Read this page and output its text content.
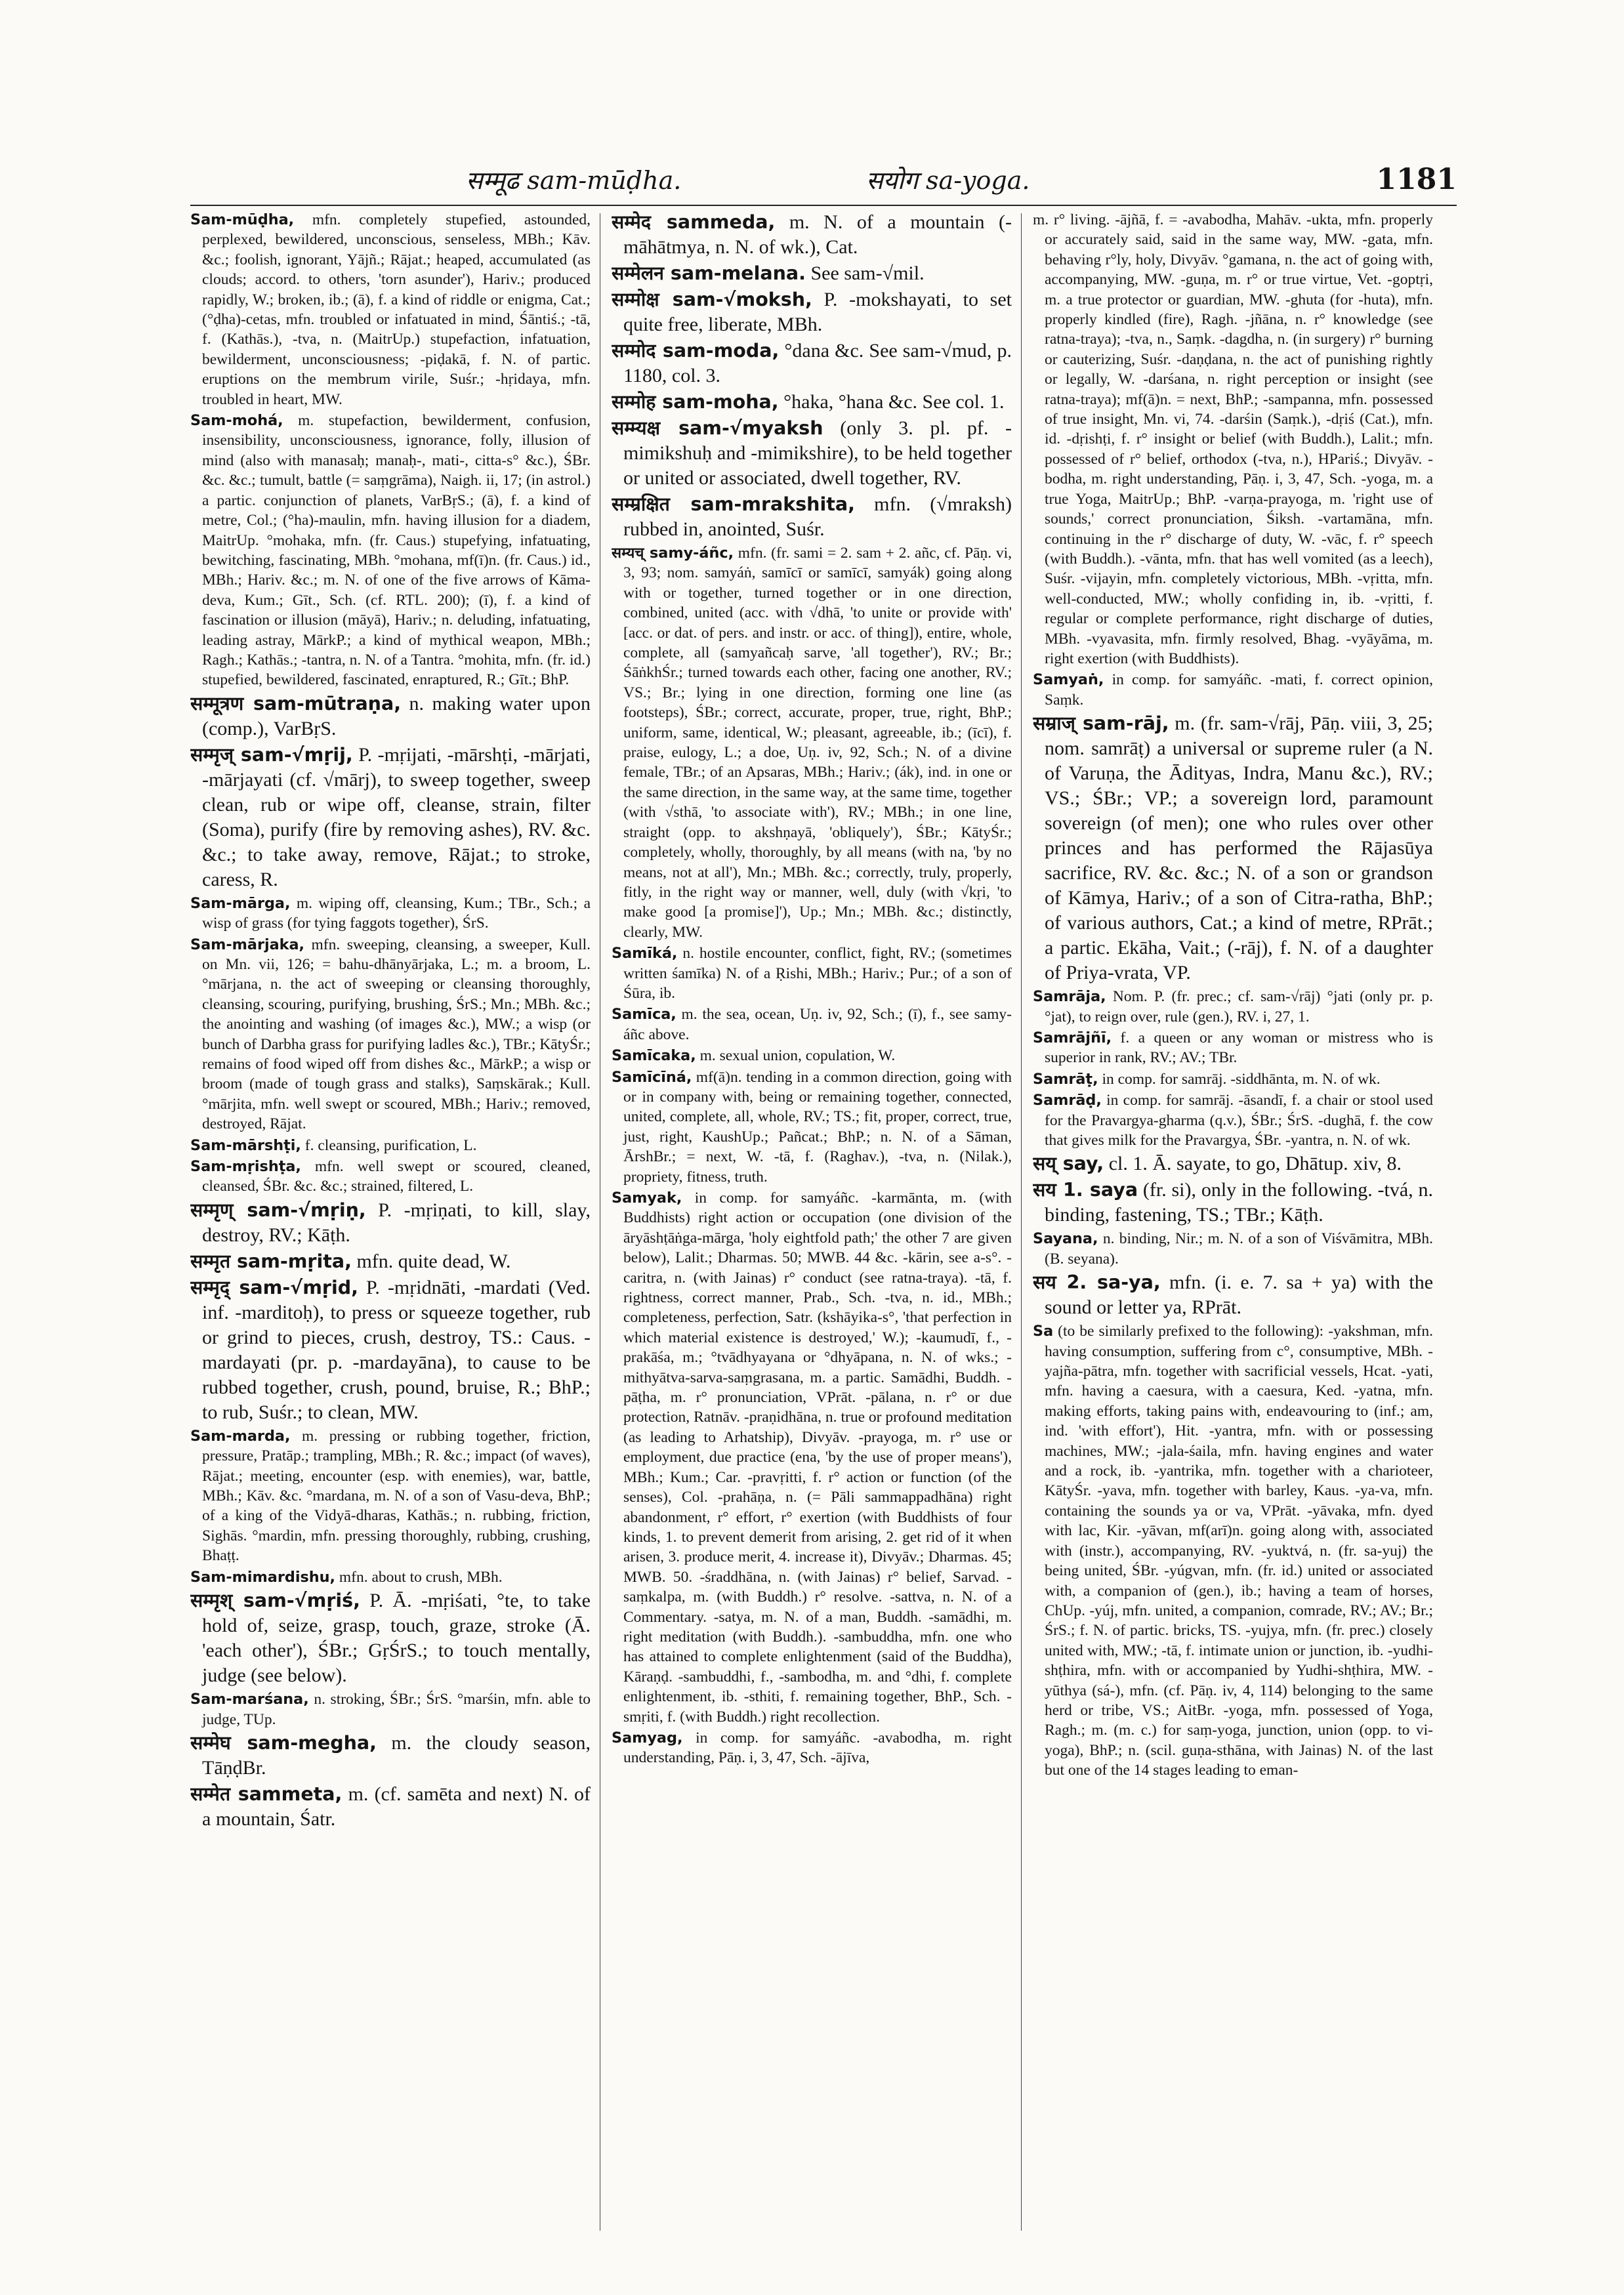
सम्मूढ sam-mūḍha.	सयोग sa-yoga.	1181

Sam-mūḍha, mfn. completely stupefied, astounded, perplexed, bewildered, unconscious, senseless, MBh.; Kāv. &c.; foolish, ignorant, Yājñ.; Rājat.; heaped, accumulated (as clouds; accord. to others, 'torn asunder'), Hariv.; produced rapidly, W.; broken, ib.; (ā), f. a kind of riddle or enigma, Cat.; (°ḍha)-cetas, mfn. troubled or infatuated in mind, Śāntiś.; -tā, f. (Kathās.), -tva, n. (MaitrUp.) stupefaction, infatuation, bewilderment, unconsciousness; -piḍakā, f. N. of partic. eruptions on the membrum virile, Suśr.; -hṛidaya, mfn. troubled in heart, MW.

Sam-mohá, m. stupefaction, bewilderment, confusion, insensibility, unconsciousness, ignorance, folly, illusion of mind (also with manasaḥ; manaḥ-, mati-, citta-s° &c.), ŚBr. &c. &c.; tumult, battle (= saṃgrāma), Naigh. ii, 17; (in astrol.) a partic. conjunction of planets, VarBṛS.; (ā), f. a kind of metre, Col.; (°ha)-maulin, mfn. having illusion for a diadem, MaitrUp. °mohaka, mfn. (fr. Caus.) stupefying, infatuating, bewitching, fascinating, MBh. °mohana, mf(ī)n. (fr. Caus.) id., MBh.; Hariv. &c.; m. N. of one of the five arrows of Kāma-deva, Kum.; Gīt., Sch. (cf. RTL. 200); (ī), f. a kind of fascination or illusion (māyā), Hariv.; n. deluding, infatuating, leading astray, MārkP.; a kind of mythical weapon, MBh.; Ragh.; Kathās.; -tantra, n. N. of a Tantra. °mohita, mfn. (fr. id.) stupefied, bewildered, fascinated, enraptured, R.; Gīt.; BhP.

सम्मूत्रण sam-mūtraṇa, n. making water upon (comp.), VarBṛS.

सम्मृज् sam-√mṛij, P. -mṛijati, -mārshṭi, -mārjati, -mārjayati (cf. √mārj), to sweep together, sweep clean, rub or wipe off, cleanse, strain, filter (Soma), purify (fire by removing ashes), RV. &c. &c.; to take away, remove, Rājat.; to stroke, caress, R.

Sam-mārga, m. wiping off, cleansing, Kum.; TBr., Sch.; a wisp of grass (for tying faggots together), ŚrS.

Sam-mārjaka, mfn. sweeping, cleansing, a sweeper, Kull. on Mn. vii, 126; = bahu-dhānyārjaka, L.; m. a broom, L. °mārjana, n. the act of sweeping or cleansing thoroughly, cleansing, scouring, purifying, brushing, ŚrS.; Mn.; MBh. &c.; the anointing and washing (of images &c.), MW.; a wisp (or bunch of Darbha grass for purifying ladles &c.), TBr.; KātyŚr.; remains of food wiped off from dishes &c., MārkP.; a wisp or broom (made of tough grass and stalks), Saṃskārak.; Kull. °mārjita, mfn. well swept or scoured, MBh.; Hariv.; removed, destroyed, Rājat.

Sam-mārshṭi, f. cleansing, purification, L.

Sam-mṛishṭa, mfn. well swept or scoured, cleaned, cleansed, ŚBr. &c. &c.; strained, filtered, L.

सम्मृण् sam-√mṛiṇ, P. -mṛiṇati, to kill, slay, destroy, RV.; Kāṭh.

सम्मृत sam-mṛita, mfn. quite dead, W.

सम्मृद् sam-√mṛid, P. -mṛidnāti, -mardati (Ved. inf. -marditoḥ), to press or squeeze together, rub or grind to pieces, crush, destroy, TS.: Caus. -mardayati (pr. p. -mardayāna), to cause to be rubbed together, crush, pound, bruise, R.; BhP.; to rub, Suśr.; to clean, MW.

Sam-marda, m. pressing or rubbing together, friction, pressure, Pratāp.; trampling, MBh.; R. &c.; impact (of waves), Rājat.; meeting, encounter (esp. with enemies), war, battle, MBh.; Kāv. &c. °mardana, m. N. of a son of Vasu-deva, BhP.; of a king of the Vidyā-dharas, Kathās.; n. rubbing, friction, Sighās. °mardin, mfn. pressing thoroughly, rubbing, crushing, Bhaṭṭ.

Sam-mimardishu, mfn. about to crush, MBh.

सम्मृश् sam-√mṛiś, P. Ā. -mṛiśati, °te, to take hold of, seize, grasp, touch, graze, stroke (Ā. 'each other'), ŚBr.; GṛŚrS.; to touch mentally, judge (see below).

Sam-marśana, n. stroking, ŚBr.; ŚrS. °marśin, mfn. able to judge, TUp.

सम्मेघ sam-megha, m. the cloudy season, TāṇḍBr.

सम्मेत sammeta, m. (cf. samēta and next) N. of a mountain, Śatr.

सम्मेद sammeda, m. N. of a mountain (-māhātmya, n. N. of wk.), Cat.

सम्मेलन sam-melana. See sam-√mil.

सम्मोक्ष sam-√moksh, P. -mokshayati, to set quite free, liberate, MBh.

सम्मोद sam-moda, °dana &c. See sam-√mud, p. 1180, col. 3.

सम्मोह sam-moha, °haka, °hana &c. See col. 1.

सम्म्यक्ष sam-√myaksh (only 3. pl. pf. -mimikshuḥ and -mimikshire), to be held together or united or associated, dwell together, RV.

सम्म्रक्षित sam-mrakshita, mfn. (√mraksh) rubbed in, anointed, Suśr.

सम्यच् samy-áñc, mfn. (fr. sami = 2. sam + 2. añc, cf. Pāṇ. vi, 3, 93; nom. samyáṅ, samīcī or samīcī, samyák) going along with or together, turned together or in one direction, combined, united (acc. with √dhā, 'to unite or provide with' [acc. or dat. of pers. and instr. or acc. of thing]), entire, whole, complete, all (samyañcaḥ sarve, 'all together'), RV.; Br.; ŚāṅkhŚr.; turned towards each other, facing one another, RV.; VS.; Br.; lying in one direction, forming one line (as footsteps), ŚBr.; correct, accurate, proper, true, right, BhP.; uniform, same, identical, W.; pleasant, agreeable, ib.; (īcī), f. praise, eulogy, L.; a doe, Uṇ. iv, 92, Sch.; N. of a divine female, TBr.; of an Apsaras, MBh.; Hariv.; (ák), ind. in one or the same direction, in the same way, at the same time, together (with √sthā, 'to associate with'), RV.; MBh.; in one line, straight (opp. to akshṇayā, 'obliquely'), ŚBr.; KātyŚr.; completely, wholly, thoroughly, by all means (with na, 'by no means, not at all'), Mn.; MBh. &c.; correctly, truly, properly, fitly, in the right way or manner, well, duly (with √kṛi, 'to make good [a promise]'), Up.; Mn.; MBh. &c.; distinctly, clearly, MW.

Samīká, n. hostile encounter, conflict, fight, RV.; (sometimes written śamīka) N. of a Ṛishi, MBh.; Hariv.; Pur.; of a son of Śūra, ib.

Samīca, m. the sea, ocean, Uṇ. iv, 92, Sch.; (ī), f., see samy-áñc above.

Samīcaka, m. sexual union, copulation, W.

Samīcīná, mf(ā)n. tending in a common direction, going with or in company with, being or remaining together, connected, united, complete, all, whole, RV.; TS.; fit, proper, correct, true, just, right, KaushUp.; Pañcat.; BhP.; n. N. of a Sāman, ĀrshBr.; = next, W. -tā, f. (Raghav.), -tva, n. (Nilak.), propriety, fitness, truth.

Samyak, in comp. for samyáñc. -karmānta, m. (with Buddhists) right action or occupation (one division of the āryāshṭāṅga-mārga, 'holy eightfold path;' the other 7 are given below), Lalit.; Dharmas. 50; MWB. 44 &c. -kārin, see a-s°. -caritra, n. (with Jainas) r° conduct (see ratna-traya). -tā, f. rightness, correct manner, Prab., Sch. -tva, n. id., MBh.; completeness, perfection, Satr. (kshāyika-s°, 'that perfection in which material existence is destroyed,' W.); -kaumudī, f., -prakāśa, m.; °tvādhyayana or °dhyāpana, n. N. of wks.; -mithyātva-sarva-saṃgrasana, m. a partic. Samādhi, Buddh. -pāṭha, m. r° pronunciation, VPrāt. -pālana, n. r° or due protection, Ratnāv. -praṇidhāna, n. true or profound meditation (as leading to Arhatship), Divyāv. -prayoga, m. r° use or employment, due practice (ena, 'by the use of proper means'), MBh.; Kum.; Car. -pravṛitti, f. r° action or function (of the senses), Col. -prahāṇa, n. (= Pāli sammappadhāna) right abandonment, r° effort, r° exertion (with Buddhists of four kinds, 1. to prevent demerit from arising, 2. get rid of it when arisen, 3. produce merit, 4. increase it), Divyāv.; Dharmas. 45; MWB. 50. -śraddhāna, n. (with Jainas) r° belief, Sarvad. -saṃkalpa, m. (with Buddh.) r° resolve. -sattva, n. N. of a Commentary. -satya, m. N. of a man, Buddh. -samādhi, m. right meditation (with Buddh.). -sambuddha, mfn. one who has attained to complete enlightenment (said of the Buddha), Kāraṇḍ. -sambuddhi, f., -sambodha, m. and °dhi, f. complete enlightenment, ib. -sthiti, f. remaining together, BhP., Sch. -smṛiti, f. (with Buddh.) right recollection.

Samyag, in comp. for samyáñc. -avabodha, m. right understanding, Pāṇ. i, 3, 47, Sch. -ājīva,

m. r° living. -ājñā, f. = -avabodha, Mahāv. -ukta, mfn. properly or accurately said, said in the same way, MW. -gata, mfn. behaving r°ly, holy, Divyāv. °gamana, n. the act of going with, accompanying, MW. -guṇa, m. r° or true virtue, Vet. -goptṛi, m. a true protector or guardian, MW. -ghuta (for -huta), mfn. properly kindled (fire), Ragh. -jñāna, n. r° knowledge (see ratna-traya); -tva, n., Saṃk. -dagdha, n. (in surgery) r° burning or cauterizing, Suśr. -daṇḍana, n. the act of punishing rightly or legally, W. -darśana, n. right perception or insight (see ratna-traya); mf(ā)n. = next, BhP.; -sampanna, mfn. possessed of true insight, Mn. vi, 74. -darśin (Saṃk.), -dṛiś (Cat.), mfn. id. -dṛishṭi, f. r° insight or belief (with Buddh.), Lalit.; mfn. possessed of r° belief, orthodox (-tva, n.), HPariś.; Divyāv. -bodha, m. right understanding, Pāṇ. i, 3, 47, Sch. -yoga, m. a true Yoga, MaitrUp.; BhP. -varṇa-prayoga, m. 'right use of sounds,' correct pronunciation, Śiksh. -vartamāna, mfn. continuing in the r° discharge of duty, W. -vāc, f. r° speech (with Buddh.). -vānta, mfn. that has well vomited (as a leech), Suśr. -vijayin, mfn. completely victorious, MBh. -vṛitta, mfn. well-conducted, MW.; wholly confiding in, ib. -vṛitti, f. regular or complete performance, right discharge of duties, MBh. -vyavasita, mfn. firmly resolved, Bhag. -vyāyāma, m. right exertion (with Buddhists).

Samyaṅ, in comp. for samyáñc. -mati, f. correct opinion, Saṃk.

सम्राज् sam-rāj, m. (fr. sam-√rāj, Pāṇ. viii, 3, 25; nom. samrāṭ) a universal or supreme ruler (a N. of Varuṇa, the Ādityas, Indra, Manu &c.), RV.; VS.; ŚBr.; VP.; a sovereign lord, paramount sovereign (of men); one who rules over other princes and has performed the Rājasūya sacrifice, RV. &c. &c.; N. of a son or grandson of Kāmya, Hariv.; of a son of Citra-ratha, BhP.; of various authors, Cat.; a kind of metre, RPrāt.; a partic. Ekāha, Vait.; (-rāj), f. N. of a daughter of Priya-vrata, VP.

Samrāja, Nom. P. (fr. prec.; cf. sam-√rāj) °jati (only pr. p. °jat), to reign over, rule (gen.), RV. i, 27, 1.

Samrājñī, f. a queen or any woman or mistress who is superior in rank, RV.; AV.; TBr.

Samrāṭ, in comp. for samrāj. -siddhānta, m. N. of wk.

Samrāḍ, in comp. for samrāj. -āsandī, f. a chair or stool used for the Pravargya-gharma (q.v.), ŚBr.; ŚrS. -dughā, f. the cow that gives milk for the Pravargya, ŚBr. -yantra, n. N. of wk.

सय् say, cl. 1. Ā. sayate, to go, Dhātup. xiv, 8.

सय 1. saya (fr. si), only in the following. -tvá, n. binding, fastening, TS.; TBr.; Kāṭh.

Sayana, n. binding, Nir.; m. N. of a son of Viśvāmitra, MBh. (B. seyana).

सय 2. sa-ya, mfn. (i. e. 7. sa + ya) with the sound or letter ya, RPrāt.

Sa (to be similarly prefixed to the following): -yakshman, mfn. having consumption, suffering from c°, consumptive, MBh. -yajña-pātra, mfn. together with sacrificial vessels, Hcat. -yati, mfn. having a caesura, with a caesura, Ked. -yatna, mfn. making efforts, taking pains with, endeavouring to (inf.; am, ind. 'with effort'), Hit. -yantra, mfn. with or possessing machines, MW.; -jala-śaila, mfn. having engines and water and a rock, ib. -yantrika, mfn. together with a charioteer, KātyŚr. -yava, mfn. together with barley, Kaus. -ya-va, mfn. containing the sounds ya or va, VPrāt. -yāvaka, mfn. dyed with lac, Kir. -yāvan, mf(arī)n. going along with, associated with (instr.), accompanying, RV. -yuktvá, n. (fr. sa-yuj) the being united, ŚBr. -yúgvan, mfn. (fr. id.) united or associated with, a companion of (gen.), ib.; having a team of horses, ChUp. -yúj, mfn. united, a companion, comrade, RV.; AV.; Br.; ŚrS.; f. N. of partic. bricks, TS. -yujya, mfn. (fr. prec.) closely united with, MW.; -tā, f. intimate union or junction, ib. -yudhi-shṭhira, mfn. with or accompanied by Yudhi-shṭhira, MW. -yūthya (sá-), mfn. (cf. Pāṇ. iv, 4, 114) belonging to the same herd or tribe, VS.; AitBr. -yoga, mfn. possessed of Yoga, Ragh.; m. (m. c.) for saṃ-yoga, junction, union (opp. to vi-yoga), BhP.; n. (scil. guṇa-sthāna, with Jainas) N. of the last but one of the 14 stages leading to eman-
